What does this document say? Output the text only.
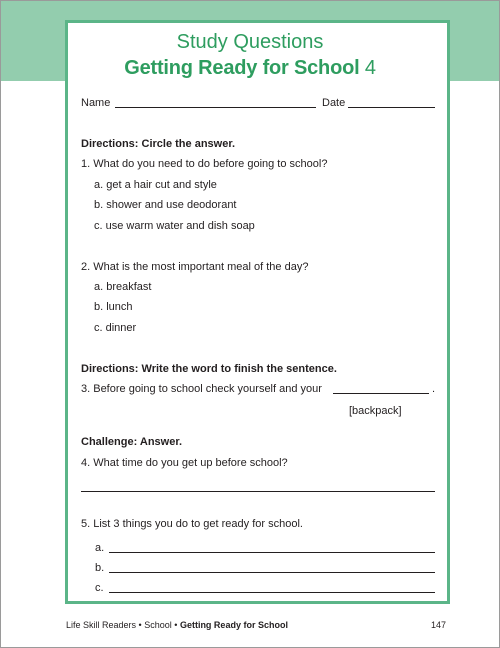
Study Questions
Getting Ready for School 4
Name	Date
Directions: Circle the answer.
1. What do you need to do before going to school?
a. get a hair cut and style
b. shower and use deodorant
c. use warm water and dish soap
2. What is the most important meal of the day?
a. breakfast
b. lunch
c. dinner
Directions: Write the word to finish the sentence.
3. Before going to school check yourself and your	.
[backpack]
Challenge: Answer.
4. What time do you get up before school?
5. List 3 things you do to get ready for school.
a.
b.
c.
Life Skill Readers • School • Getting Ready for School	147
